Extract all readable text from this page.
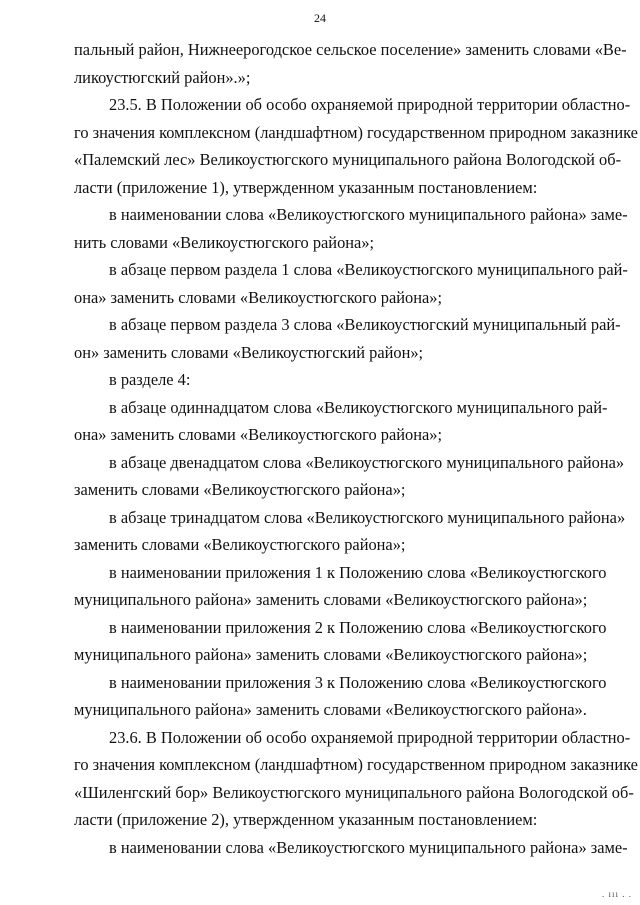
24

пальный район, Нижнеерогодское сельское поселение» заменить словами «Ве-
ликоустюгский район».»;

23.5. В Положении об особо охраняемой природной территории областно-
го значения комплексном (ландшафтном) государственном природном заказнике
«Палемский лес» Великоустюгского муниципального района Вологодской об-
ласти (приложение 1), утвержденном указанным постановлением:

в наименовании слова «Великоустюгского муниципального района» заме-
нить словами «Великоустюгского района»;

в абзаце первом раздела 1 слова «Великоустюгского муниципального рай-
она» заменить словами «Великоустюгского района»;

в абзаце первом раздела 3 слова «Великоустюгский муниципальный рай-
он» заменить словами «Великоустюгский район»;

в разделе 4:

в абзаце одиннадцатом слова «Великоустюгского муниципального рай-
она» заменить словами «Великоустюгского района»;

в абзаце двенадцатом слова «Великоустюгского муниципального района»
заменить словами «Великоустюгского района»;

в абзаце тринадцатом слова «Великоустюгского муниципального района»
заменить словами «Великоустюгского района»;

в наименовании приложения 1 к Положению слова «Великоустюгского
муниципального района» заменить словами «Великоустюгского района»;

в наименовании приложения 2 к Положению слова «Великоустюгского
муниципального района» заменить словами «Великоустюгского района»;

в наименовании приложения 3 к Положению слова «Великоустюгского
муниципального района» заменить словами «Великоустюгского района».

23.6. В Положении об особо охраняемой природной территории областно-
го значения комплексном (ландшафтном) государственном природном заказнике
«Шиленгский бор» Великоустюгского муниципального района Вологодской об-
ласти (приложение 2), утвержденном указанным постановлением:

в наименовании слова «Великоустюгского муниципального района» заме-

. ııı . .
